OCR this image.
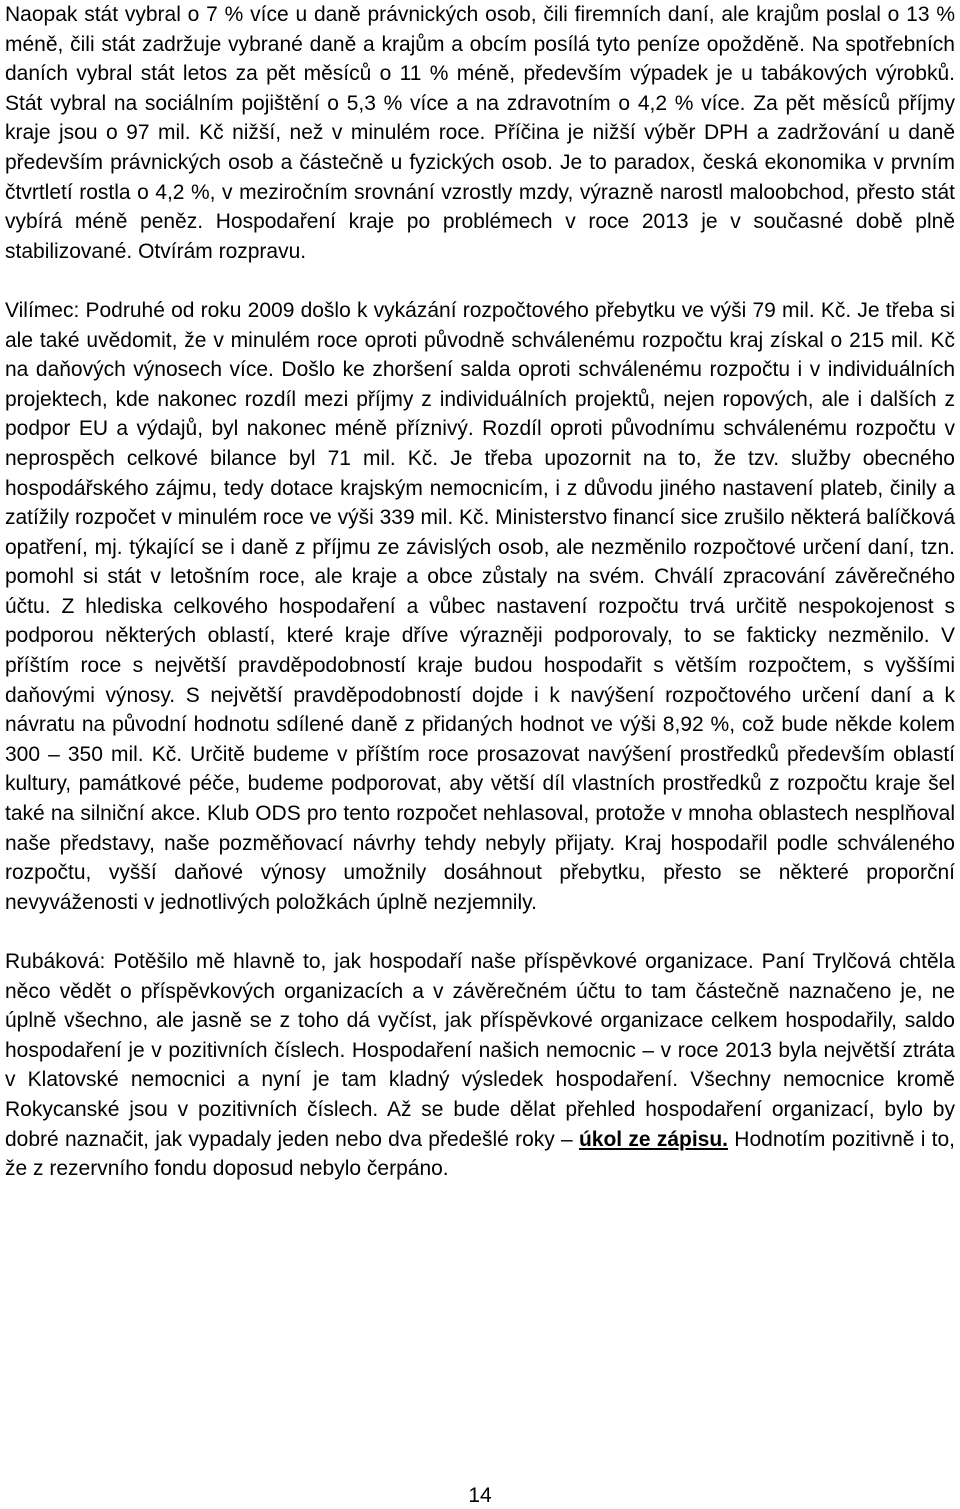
Naopak stát vybral o 7 % více u daně právnických osob, čili firemních daní, ale krajům poslal o 13 % méně, čili stát zadržuje vybrané daně a krajům a obcím posílá tyto peníze opožděně. Na spotřebních daních vybral stát letos za pět měsíců o 11 % méně, především výpadek je u tabákových výrobků. Stát vybral na sociálním pojištění o 5,3 % více a na zdravotním o 4,2 % více. Za pět měsíců příjmy kraje jsou o 97 mil. Kč nižší, než v minulém roce. Příčina je nižší výběr DPH a zadržování u daně především právnických osob a částečně u fyzických osob. Je to paradox, česká ekonomika v prvním čtvrtletí rostla o 4,2 %, v meziročním srovnání vzrostly mzdy, výrazně narostl maloobchod, přesto stát vybírá méně peněz. Hospodaření kraje po problémech v roce 2013 je v současné době plně stabilizované. Otvírám rozpravu.

Vilímec: Podruhé od roku 2009 došlo k vykázání rozpočtového přebytku ve výši 79 mil. Kč. Je třeba si ale také uvědomit, že v minulém roce oproti původně schválenému rozpočtu kraj získal o 215 mil. Kč na daňových výnosech více. Došlo ke zhoršení salda oproti schválenému rozpočtu i v individuálních projektech, kde nakonec rozdíl mezi příjmy z individuálních projektů, nejen ropových, ale i dalších z podpor EU a výdajů, byl nakonec méně příznivý. Rozdíl oproti původnímu schválenému rozpočtu v neprospěch celkové bilance byl 71 mil. Kč. Je třeba upozornit na to, že tzv. služby obecného hospodářského zájmu, tedy dotace krajským nemocnicím, i z důvodu jiného nastavení plateb, činily a zatížily rozpočet v minulém roce ve výši 339 mil. Kč. Ministerstvo financí sice zrušilo některá balíčková opatření, mj. týkající se i daně z příjmu ze závislých osob, ale nezměnilo rozpočtové určení daní, tzn. pomohl si stát v letošním roce, ale kraje a obce zůstaly na svém. Chválí zpracování závěrečného účtu. Z hlediska celkového hospodaření a vůbec nastavení rozpočtu trvá určitě nespokojenost s podporou některých oblastí, které kraje dříve výrazněji podporovaly, to se fakticky nezměnilo. V příštím roce s největší pravděpodobností kraje budou hospodařit s větším rozpočtem, s vyššími daňovými výnosy. S největší pravděpodobností dojde i k navýšení rozpočtového určení daní a k návratu na původní hodnotu sdílené daně z přidaných hodnot ve výši 8,92 %, což bude někde kolem 300 – 350 mil. Kč. Určitě budeme v příštím roce prosazovat navýšení prostředků především oblastí kultury, památkové péče, budeme podporovat, aby větší díl vlastních prostředků z rozpočtu kraje šel také na silniční akce. Klub ODS pro tento rozpočet nehlasoval, protože v mnoha oblastech nesplňoval naše představy, naše pozměňovací návrhy tehdy nebyly přijaty. Kraj hospodařil podle schváleného rozpočtu, vyšší daňové výnosy umožnily dosáhnout přebytku, přesto se některé proporční nevyváženosti v jednotlivých položkách úplně nezjemnily.

Rubáková: Potěšilo mě hlavně to, jak hospodaří naše příspěvkové organizace. Paní Trylčová chtěla něco vědět o příspěvkových organizacích a v závěrečném účtu to tam částečně naznačeno je, ne úplně všechno, ale jasně se z toho dá vyčíst, jak příspěvkové organizace celkem hospodařily, saldo hospodaření je v pozitivních číslech. Hospodaření našich nemocnic – v roce 2013 byla největší ztráta v Klatovské nemocnici a nyní je tam kladný výsledek hospodaření. Všechny nemocnice kromě Rokycanské jsou v pozitivních číslech. Až se bude dělat přehled hospodaření organizací, bylo by dobré naznačit, jak vypadaly jeden nebo dva předešlé roky – úkol ze zápisu. Hodnotím pozitivně i to, že z rezervního fondu doposud nebylo čerpáno.

14
